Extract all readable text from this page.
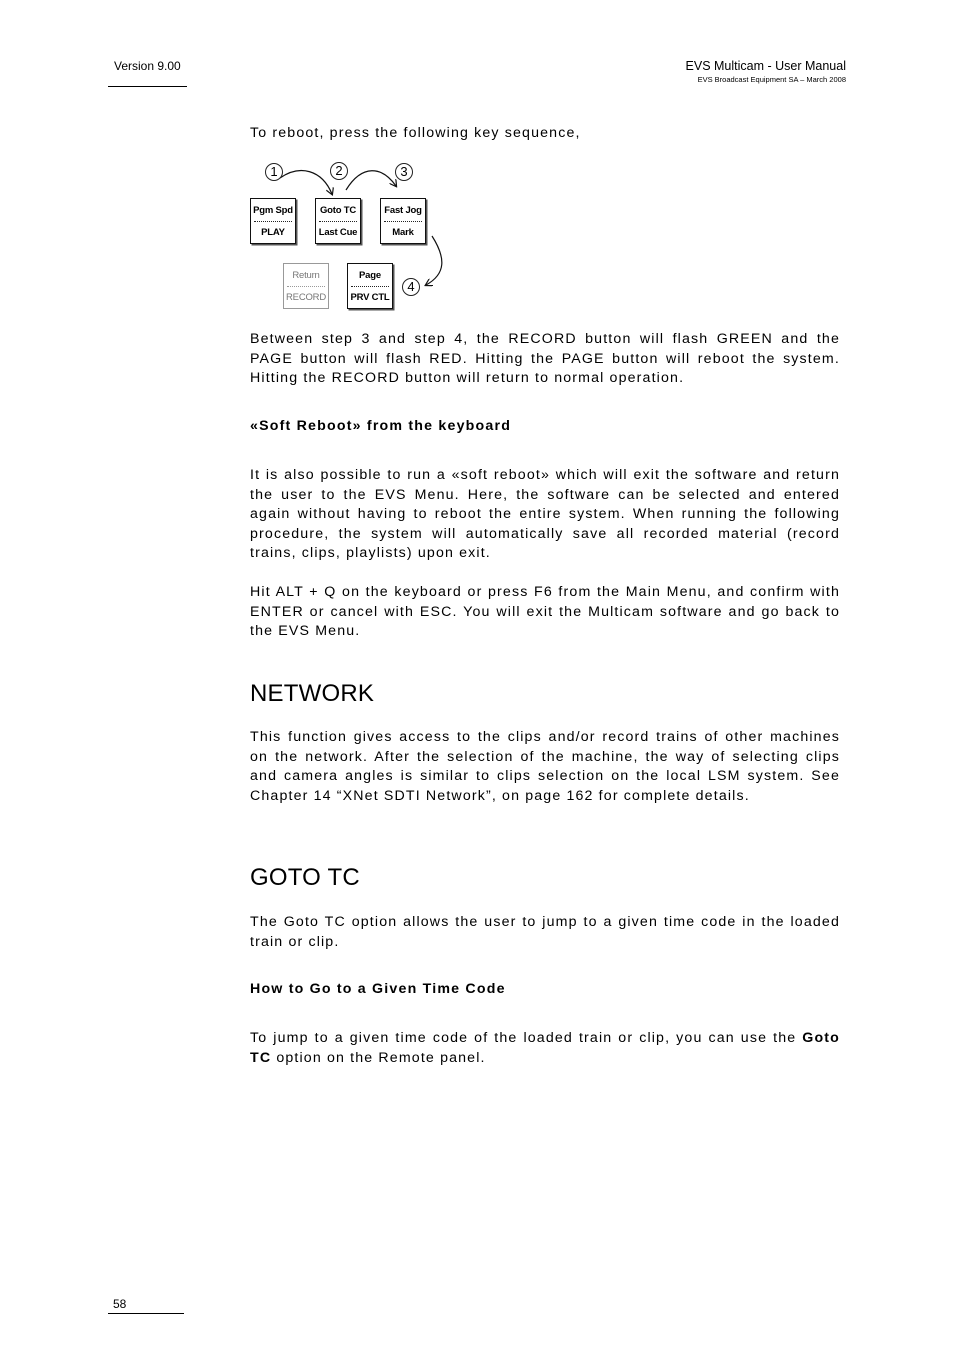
Version 9.00	EVS Multicam - User Manual
EVS Broadcast Equipment SA – March 2008

To reboot, press the following key sequence,

Between step 3 and step 4, the RECORD button will flash GREEN and the PAGE button will flash RED. Hitting the PAGE button will reboot the system. Hitting the RECORD button will return to normal operation.

«Soft Reboot» from the keyboard

It is also possible to run a «soft reboot» which will exit the software and return the user to the EVS Menu. Here, the software can be selected and entered again without having to reboot the entire system. When running the following procedure, the system will automatically save all recorded material (record trains, clips, playlists) upon exit.

Hit ALT + Q on the keyboard or press F6 from the Main Menu, and confirm with ENTER or cancel with ESC. You will exit the Multicam software and go back to the EVS Menu.

NETWORK

This function gives access to the clips and/or record trains of other machines on the network. After the selection of the machine, the way of selecting clips and camera angles is similar to clips selection on the local LSM system. See Chapter 14 “XNet SDTI Network”, on page 162 for complete details.

GOTO TC

The Goto TC option allows the user to jump to a given time code in the loaded train or clip.

How to Go to a Given Time Code

To jump to a given time code of the loaded train or clip, you can use the Goto TC option on the Remote panel.

1	2	3
4
Pgm Spd
PLAY
Goto TC
Last Cue
Fast Jog
Mark
Return
RECORD
Page
PRV CTL
58
